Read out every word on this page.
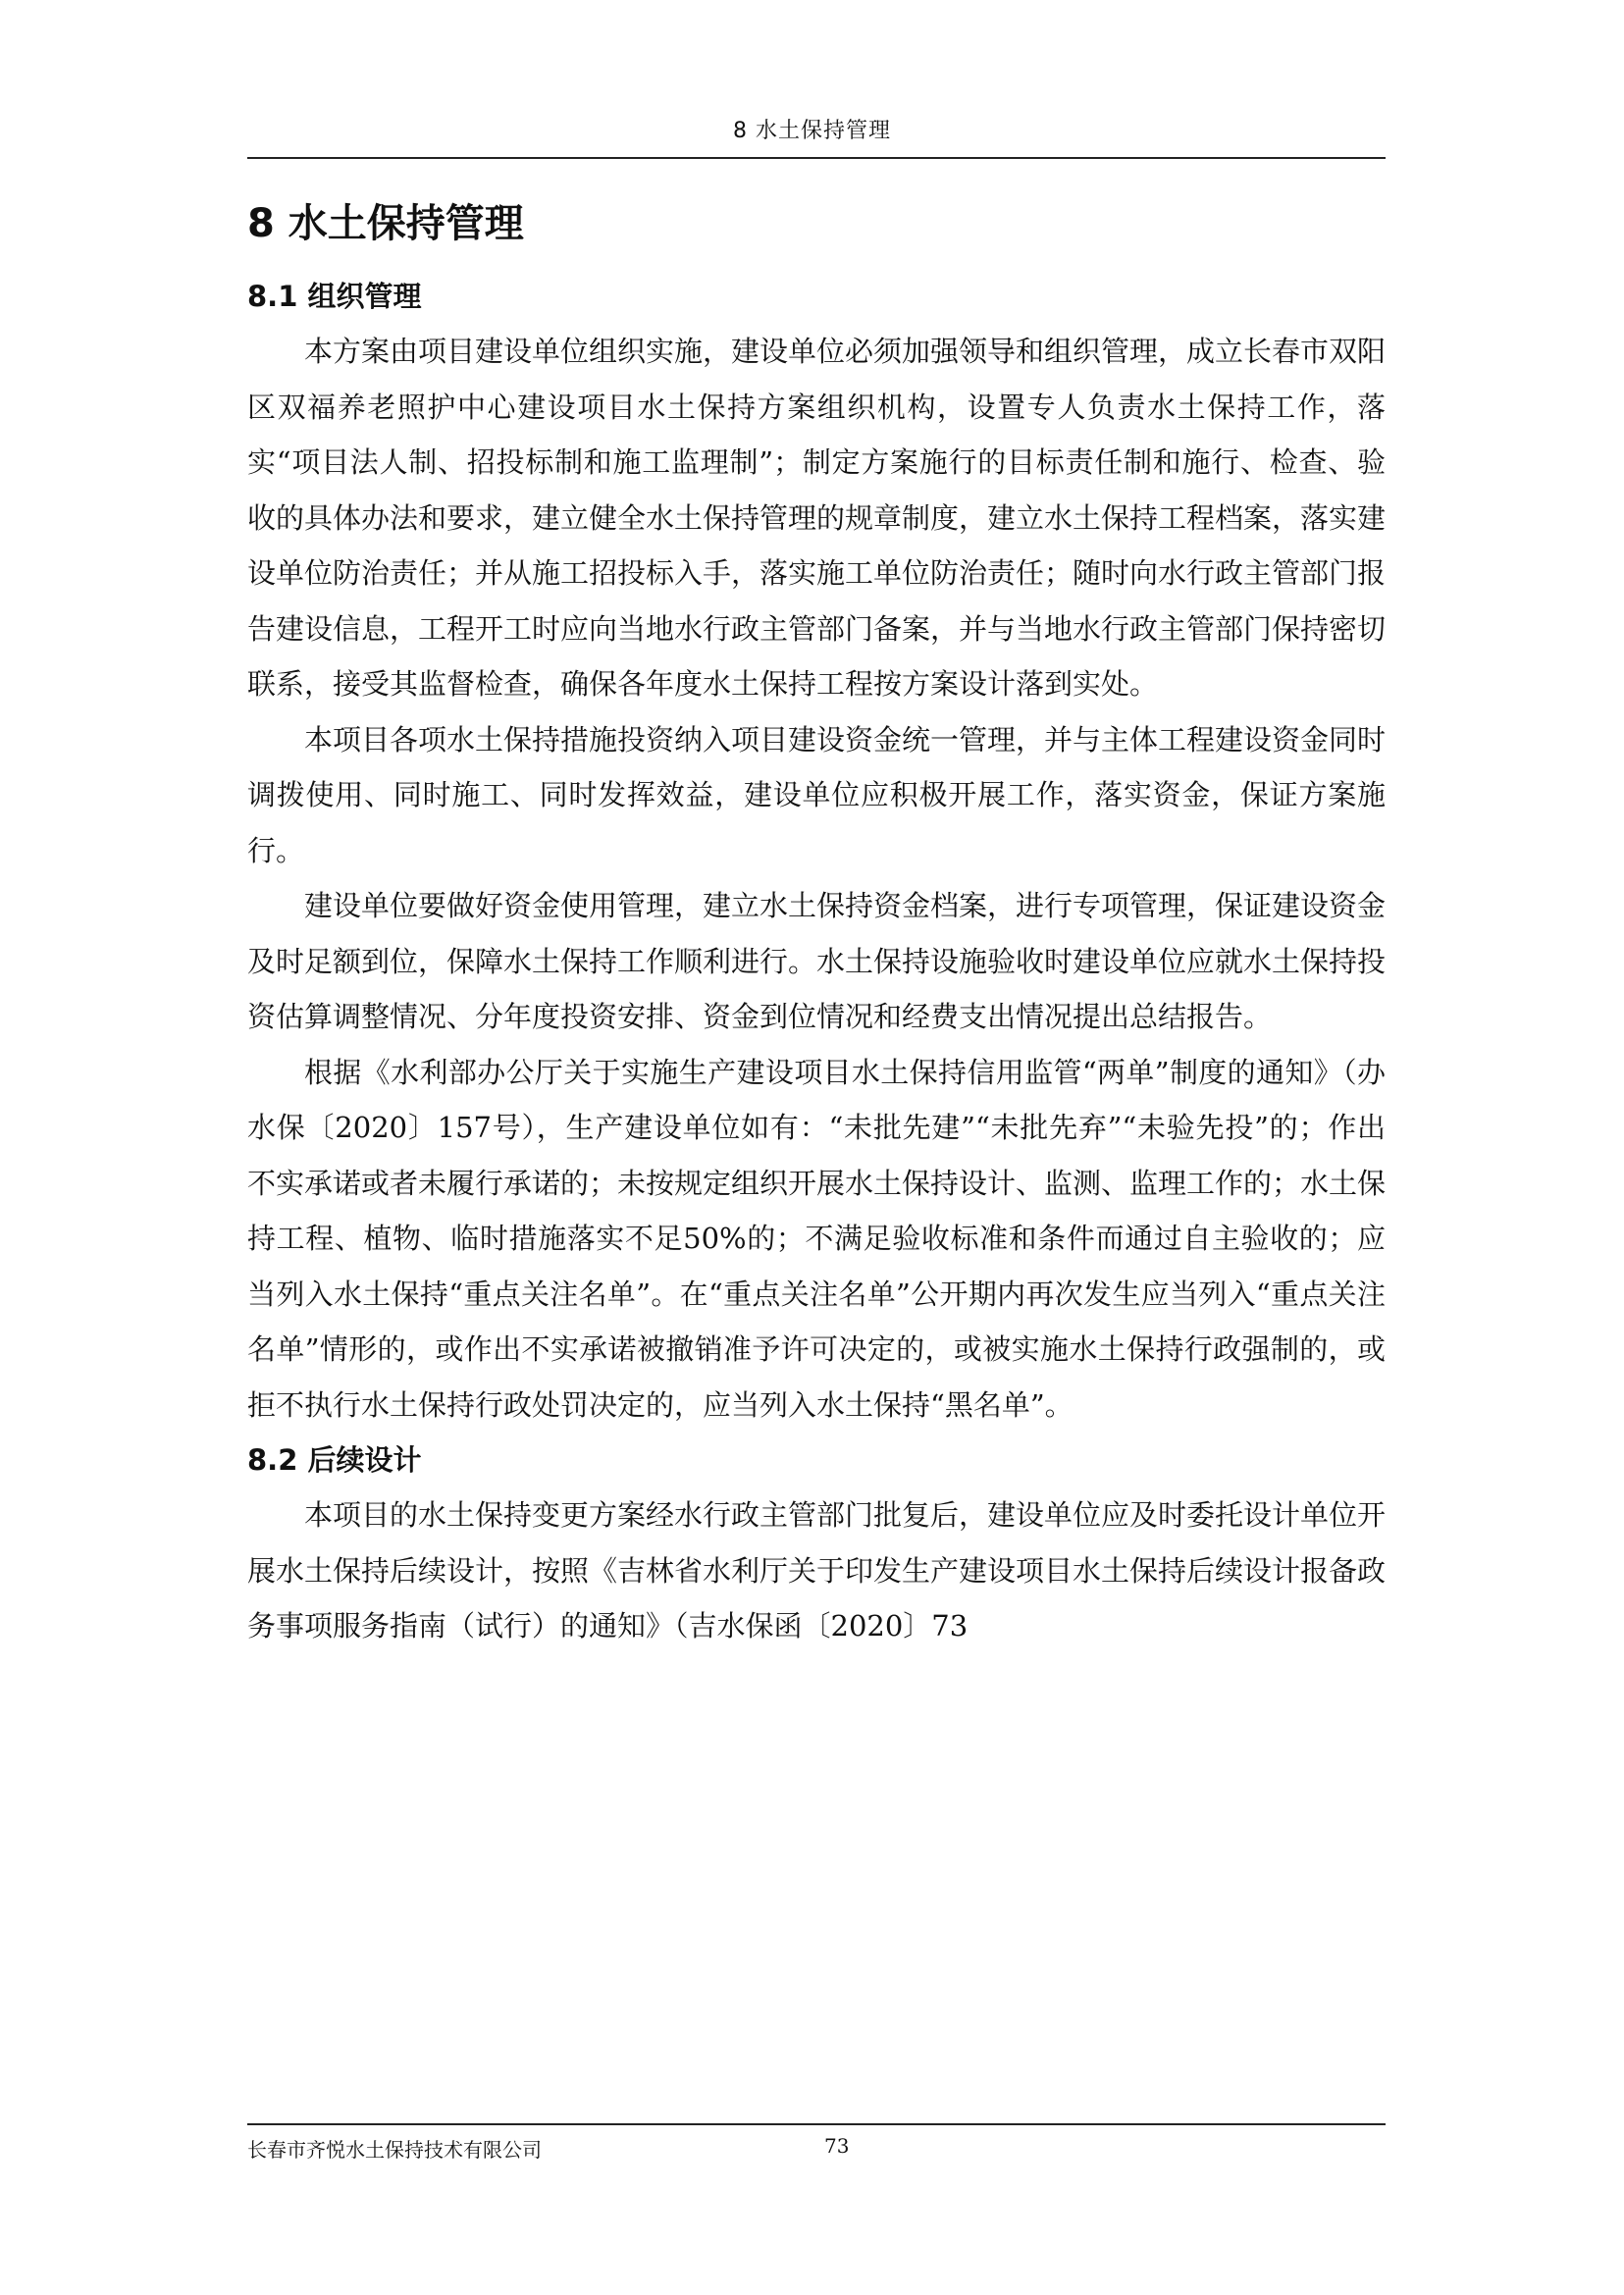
8 水土保持管理
8 水土保持管理
8.1 组织管理

本方案由项目建设单位组织实施，建设单位必须加强领导和组织管理，成立长春市双阳区双福养老照护中心建设项目水土保持方案组织机构，设置专人负责水土保持工作，落实“项目法人制、招投标制和施工监理制”；制定方案施行的目标责任制和施行、检查、验收的具体办法和要求，建立健全水土保持管理的规章制度，建立水土保持工程档案，落实建设单位防治责任；并从施工招投标入手，落实施工单位防治责任；随时向水行政主管部门报告建设信息，工程开工时应向当地水行政主管部门备案，并与当地水行政主管部门保持密切联系，接受其监督检查，确保各年度水土保持工程按方案设计落到实处。

本项目各项水土保持措施投资纳入项目建设资金统一管理，并与主体工程建设资金同时调拨使用、同时施工、同时发挥效益，建设单位应积极开展工作，落实资金，保证方案施行。

建设单位要做好资金使用管理，建立水土保持资金档案，进行专项管理，保证建设资金及时足额到位，保障水土保持工作顺利进行。水土保持设施验收时建设单位应就水土保持投资估算调整情况、分年度投资安排、资金到位情况和经费支出情况提出总结报告。

根据《水利部办公厅关于实施生产建设项目水土保持信用监管“两单”制度的通知》（办水保〔2020〕157号），生产建设单位如有：“未批先建”“未批先弃”“未验先投”的；作出不实承诺或者未履行承诺的；未按规定组织开展水土保持设计、监测、监理工作的；水土保持工程、植物、临时措施落实不足50%的；不满足验收标准和条件而通过自主验收的；应当列入水土保持“重点关注名单”。在“重点关注名单”公开期内再次发生应当列入“重点关注名单”情形的，或作出不实承诺被撤销准予许可决定的，或被实施水土保持行政强制的，或拒不执行水土保持行政处罚决定的，应当列入水土保持“黑名单”。

8.2 后续设计

本项目的水土保持变更方案经水行政主管部门批复后，建设单位应及时委托设计单位开展水土保持后续设计，按照《吉林省水利厅关于印发生产建设项目水土保持后续设计报备政务事项服务指南（试行）的通知》（吉水保函〔2020〕73

长春市齐悦水土保持技术有限公司	73
